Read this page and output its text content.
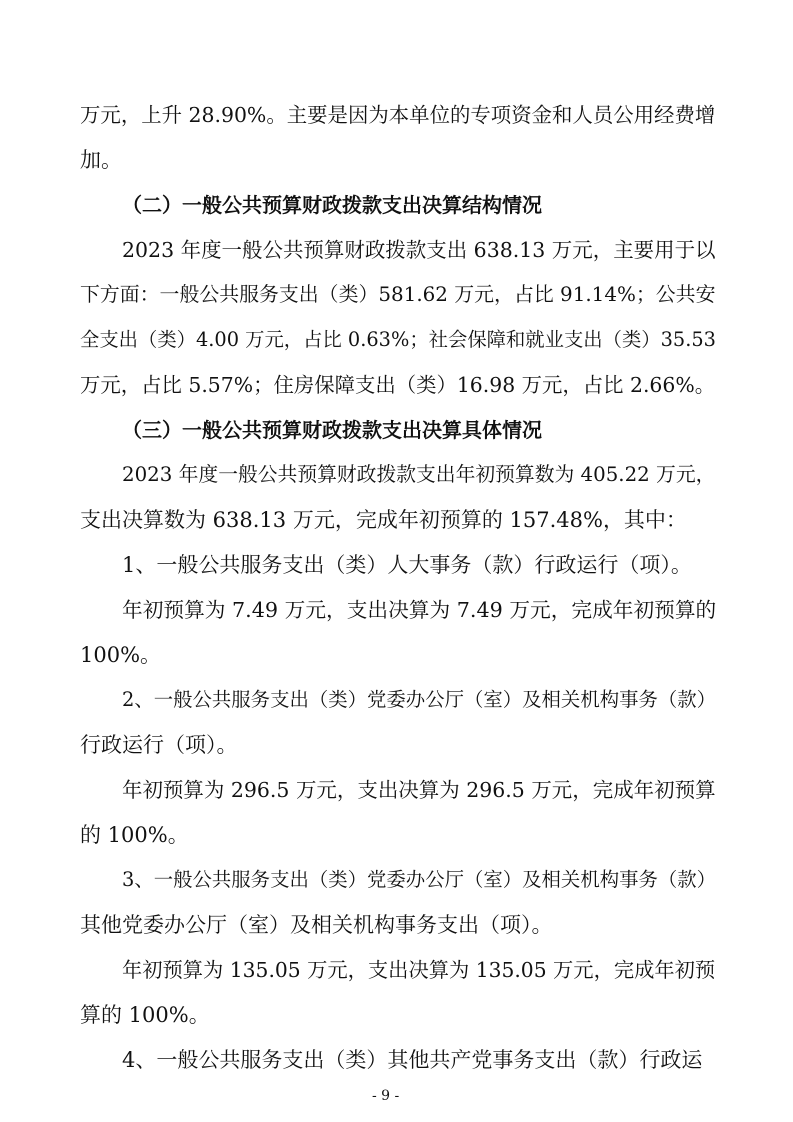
万元，上升 28.90%。主要是因为本单位的专项资金和人员公用经费增

加。

（二）一般公共预算财政拨款支出决算结构情况

2023 年度一般公共预算财政拨款支出 638.13 万元，主要用于以

下方面：一般公共服务支出（类）581.62 万元，占比 91.14%；公共安

全支出（类）4.00 万元，占比 0.63%；社会保障和就业支出（类）35.53

万元，占比 5.57%；住房保障支出（类）16.98 万元，占比 2.66%。

（三）一般公共预算财政拨款支出决算具体情况

2023 年度一般公共预算财政拨款支出年初预算数为 405.22 万元，

支出决算数为 638.13 万元，完成年初预算的 157.48%，其中：

1、一般公共服务支出（类）人大事务（款）行政运行（项）。

年初预算为 7.49 万元，支出决算为 7.49 万元，完成年初预算的

100%。

2、一般公共服务支出（类）党委办公厅（室）及相关机构事务（款）

行政运行（项）。

年初预算为 296.5 万元，支出决算为 296.5 万元，完成年初预算

的 100%。

3、一般公共服务支出（类）党委办公厅（室）及相关机构事务（款）

其他党委办公厅（室）及相关机构事务支出（项）。

年初预算为 135.05 万元，支出决算为 135.05 万元，完成年初预

算的 100%。

4、一般公共服务支出（类）其他共产党事务支出（款）行政运

- 9 -
